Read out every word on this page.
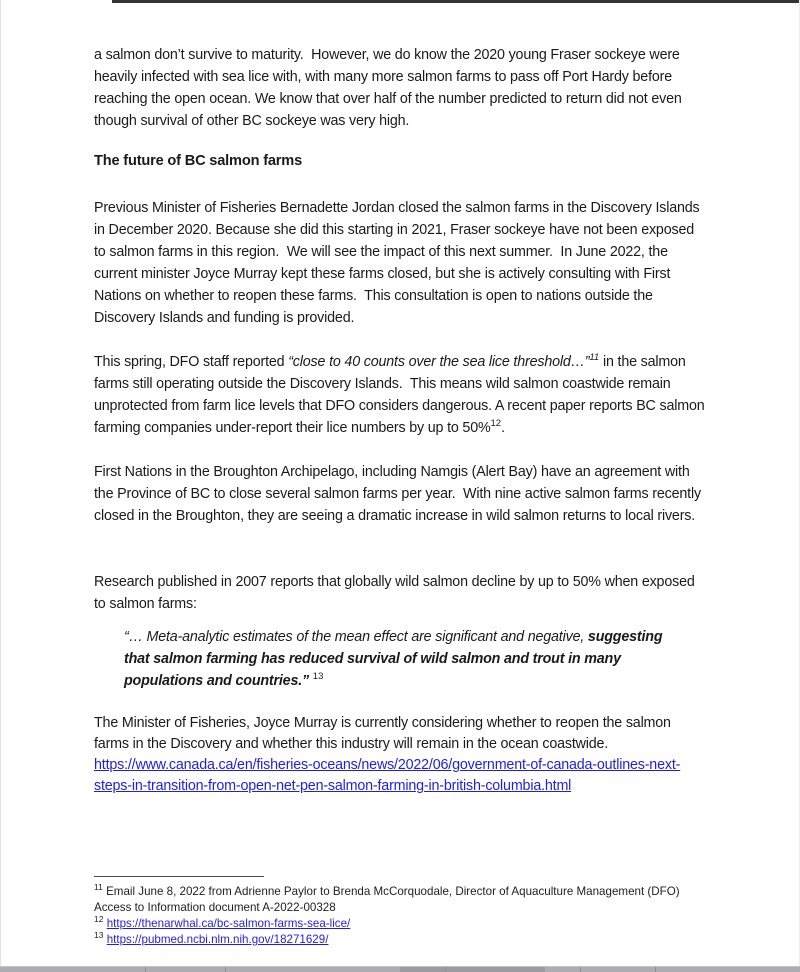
a salmon don’t survive to maturity.  However, we do know the 2020 young Fraser sockeye were heavily infected with sea lice with, with many more salmon farms to pass off Port Hardy before reaching the open ocean. We know that over half of the number predicted to return did not even though survival of other BC sockeye was very high.

The future of BC salmon farms

Previous Minister of Fisheries Bernadette Jordan closed the salmon farms in the Discovery Islands in December 2020. Because she did this starting in 2021, Fraser sockeye have not been exposed to salmon farms in this region.  We will see the impact of this next summer.  In June 2022, the current minister Joyce Murray kept these farms closed, but she is actively consulting with First Nations on whether to reopen these farms.  This consultation is open to nations outside the Discovery Islands and funding is provided.

This spring, DFO staff reported “close to 40 counts over the sea lice threshold…”$^{11}$ in the salmon farms still operating outside the Discovery Islands.  This means wild salmon coastwide remain unprotected from farm lice levels that DFO considers dangerous. A recent paper reports BC salmon farming companies under-report their lice numbers by up to 50%$^{12}$.

First Nations in the Broughton Archipelago, including Namgis (Alert Bay) have an agreement with the Province of BC to close several salmon farms per year.  With nine active salmon farms recently closed in the Broughton, they are seeing a dramatic increase in wild salmon returns to local rivers.

Research published in 2007 reports that globally wild salmon decline by up to 50% when exposed to salmon farms:

“… Meta-analytic estimates of the mean effect are significant and negative, suggesting that salmon farming has reduced survival of wild salmon and trout in many populations and countries.” $^{13}$

The Minister of Fisheries, Joyce Murray is currently considering whether to reopen the salmon farms in the Discovery and whether this industry will remain in the ocean coastwide. https://www.canada.ca/en/fisheries-oceans/news/2022/06/government-of-canada-outlines-next-steps-in-transition-from-open-net-pen-salmon-farming-in-british-columbia.html

$^{11}$ Email June 8, 2022 from Adrienne Paylor to Brenda McCorquodale, Director of Aquaculture Management (DFO) Access to Information document A-2022-00328

$^{12}$ https://thenarwhal.ca/bc-salmon-farms-sea-lice/

$^{13}$ https://pubmed.ncbi.nlm.nih.gov/18271629/
